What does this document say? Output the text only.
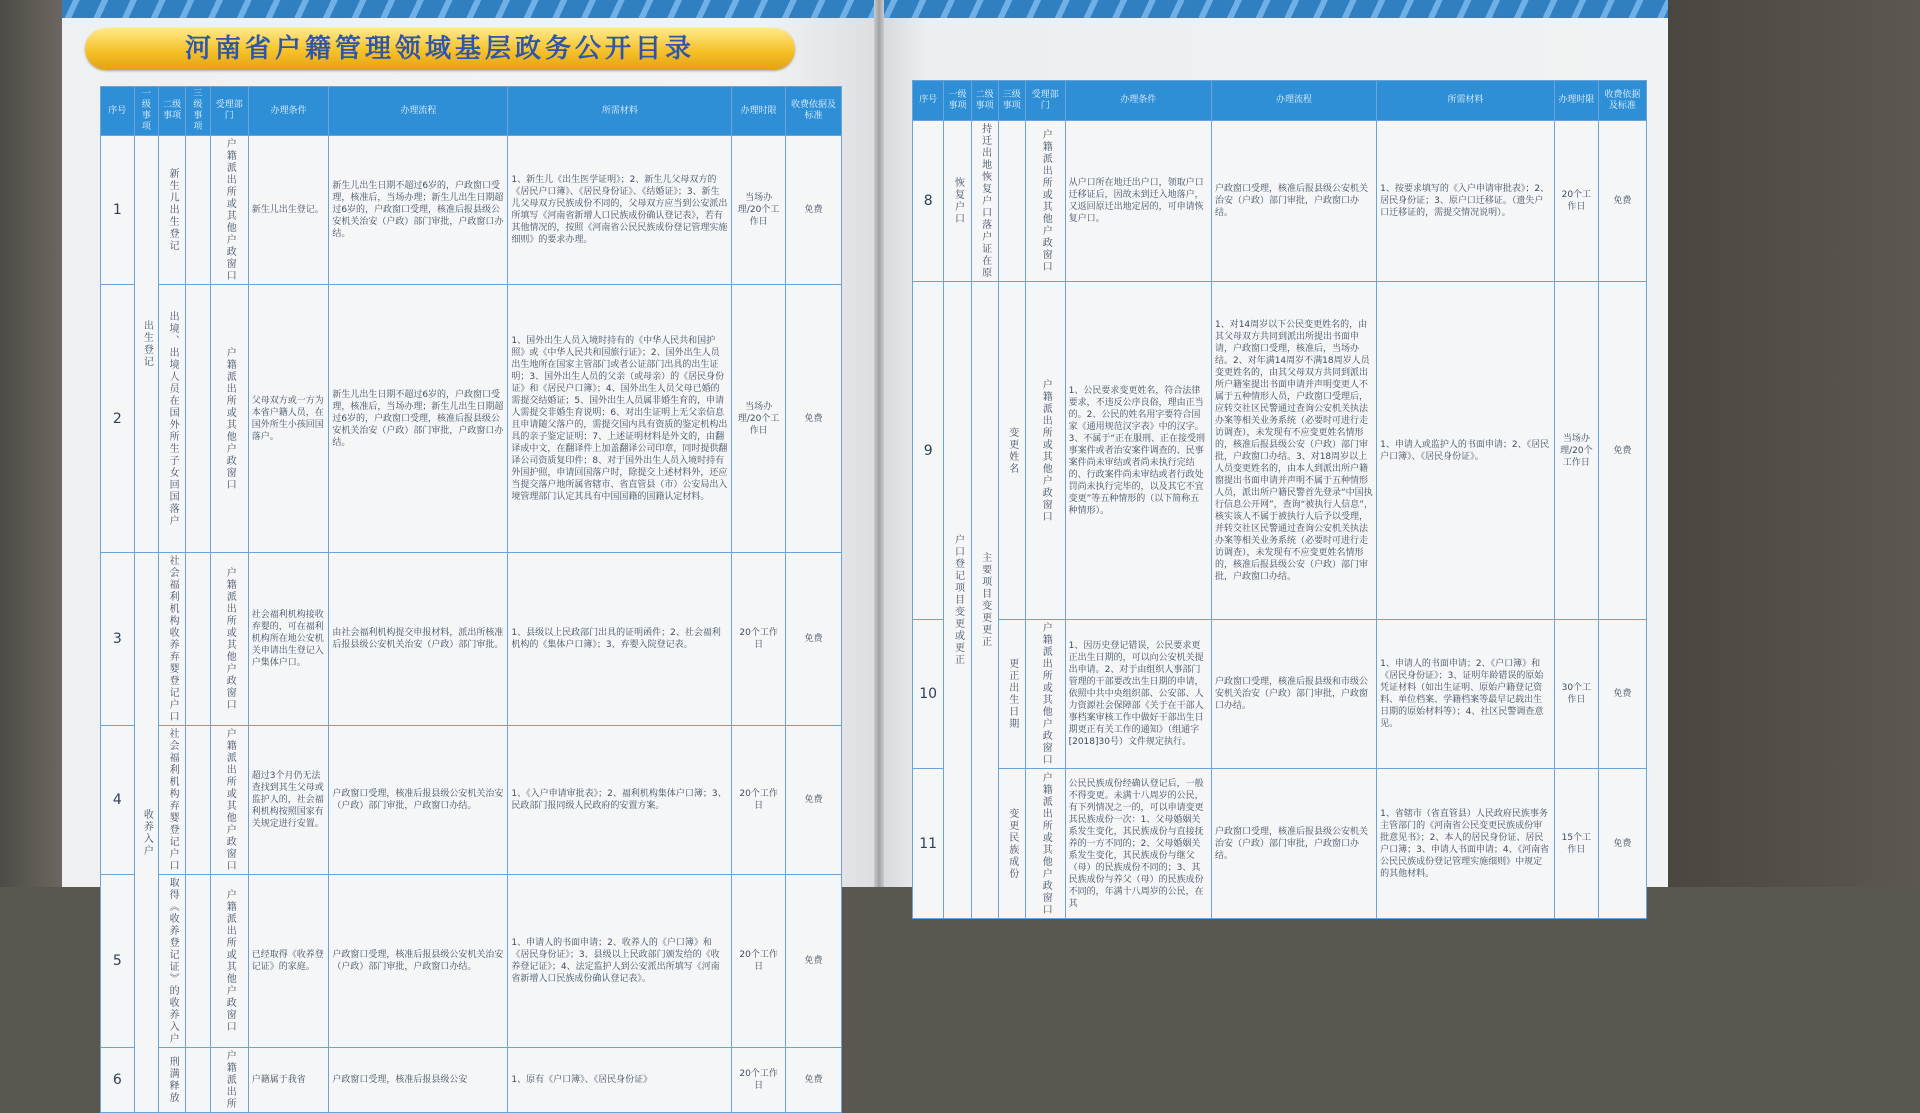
河南省户籍管理领域基层政务公开目录
序号	一级事项	二级事项	三级事项	受理部门	办理条件	办理流程	所需材料	办理时限	收费依据及标准
1	出生登记	新生儿出生登记		户籍派出所或其他户政窗口	新生儿出生登记。	新生儿出生日期不超过6岁的，户政窗口受理，核准后，当场办理；新生儿出生日期超过6岁的，户政窗口受理，核准后报县级公安机关治安（户政）部门审批，户政窗口办结。	1、新生儿《出生医学证明》；2、新生儿父母双方的《居民户口簿》、《居民身份证》、《结婚证》；3、新生儿父母双方民族成份不同的，父母双方应当到公安派出所填写《河南省新增人口民族成份确认登记表》，若有其他情况的，按照《河南省公民民族成份登记管理实施细则》的要求办理。	当场办理/20个工作日	免费
2		出境、出境人员在国外所生子女回国落户		户籍派出所或其他户政窗口	父母双方或一方为本省户籍人员，在国外所生小孩回国落户。	新生儿出生日期不超过6岁的，户政窗口受理，核准后，当场办理；新生儿出生日期超过6岁的，户政窗口受理，核准后报县级公安机关治安（户政）部门审批，户政窗口办结。	1、国外出生人员入境时持有的《中华人民共和国护照》或《中华人民共和国旅行证》；2、国外出生人员出生地所在国家主管部门或者公证部门出具的出生证明；3、国外出生人员的父亲（或母亲）的《居民身份证》和《居民户口簿》；4、国外出生人员父母已婚的需提交结婚证；5、国外出生人员属非婚生育的，申请人需提交非婚生育说明；6、对出生证明上无父亲信息且申请随父落户的，需提交国内具有资质的鉴定机构出具的亲子鉴定证明；7、上述证明材料是外文的，由翻译成中文，在翻译件上加盖翻译公司印章，同时提供翻译公司资质复印件；8、对于国外出生人员入境时持有外国护照，申请回国落户时，除提交上述材料外，还应当提交落户地所属省辖市、省直管县（市）公安局出入境管理部门认定其具有中国国籍的国籍认定材料。	当场办理/20个工作日	免费
3	收养入户	社会福利机构收养弃婴登记户口		户籍派出所或其他户政窗口	社会福利机构接收弃婴的，可在福利机构所在地公安机关申请出生登记入户集体户口。	由社会福利机构提交申报材料，派出所核准后报县级公安机关治安（户政）部门审批。	1、县级以上民政部门出具的证明函件；2、社会福利机构的《集体户口簿》；3、弃婴入院登记表。	20个工作日	免费
4		社会福利机构弃婴登记户口		户籍派出所或其他户政窗口	超过3个月仍无法查找到其生父母或监护人的，社会福利机构按照国家有关规定进行安置。	户政窗口受理，核准后报县级公安机关治安（户政）部门审批，户政窗口办结。	1、《入户申请审批表》；2、福利机构集体户口簿；3、民政部门报同级人民政府的安置方案。	20个工作日	免费
5		取得《收养登记证》的收养入户		户籍派出所或其他户政窗口	已经取得《收养登记证》的家庭。	户政窗口受理，核准后报县级公安机关治安（户政）部门审批，户政窗口办结。	1、申请人的书面申请；2、收养人的《户口簿》和《居民身份证》；3、县级以上民政部门颁发给的《收养登记证》；4、法定监护人到公安派出所填写《河南省新增人口民族成份确认登记表》。	20个工作日	免费
6		刑满释放		户籍派出所	户籍属于我省	户政窗口受理，核准后报县级公安	1、原有《户口簿》、《居民身份证》	20个工作日	免费
序号	一级事项	二级事项	三级事项	受理部门	办理条件	办理流程	所需材料	办理时限	收费依据及标准
8	恢复户口	持迁出地恢复户口落户证在原		户籍派出所或其他户政窗口	从户口所在地迁出户口，领取户口迁移证后，因故未到迁入地落户，又返回原迁出地定居的，可申请恢复户口。	户政窗口受理，核准后报县级公安机关治安（户政）部门审批，户政窗口办结。	1、按要求填写的《入户申请审批表》；2、居民身份证；3、原户口迁移证。（遗失户口迁移证的，需提交情况说明）。	20个工作日	免费
9	户口登记项目变更或更正	主要项目变更更正	变更姓名	户籍派出所或其他户政窗口	1、公民要求变更姓名，符合法律要求，不违反公序良俗，理由正当的。2、公民的姓名用字要符合国家《通用规范汉字表》中的汉字。3、不属于“正在服刑、正在接受刑事案件或者治安案件调查的、民事案件尚未审结或者尚未执行完结的、行政案件尚未审结或者行政处罚尚未执行完毕的，以及其它不宜变更”等五种情形的（以下简称五种情形）。	1、对14周岁以下公民变更姓名的，由其父母双方共同到派出所提出书面申请，户政窗口受理，核准后，当场办结。2、对年满14周岁不满18周岁人员变更姓名的，由其父母双方共同到派出所户籍室提出书面申请并声明变更人不属于五种情形人员，户政窗口受理后，应转交社区民警通过查询公安机关执法办案等相关业务系统（必要时可进行走访调查），未发现有不应变更姓名情形的，核准后报县级公安（户政）部门审批，户政窗口办结。3、对18周岁以上人员变更姓名的，由本人到派出所户籍窗提出书面申请并声明不属于五种情形人员，派出所户籍民警首先登录“中国执行信息公开网”，查询“被执行人信息”，核实该人不属于被执行人后予以受理，并转交社区民警通过查询公安机关执法办案等相关业务系统（必要时可进行走访调查），未发现有不应变更姓名情形的，核准后报县级公安（户政）部门审批，户政窗口办结。	1、申请人或监护人的书面申请；2、《居民户口簿》、《居民身份证》。	当场办理/20个工作日	免费
10			更正出生日期	户籍派出所或其他户政窗口	1、因历史登记错误，公民要求更正出生日期的，可以向公安机关提出申请。2、对于由组织人事部门管理的干部要改出生日期的申请，依照中共中央组织部、公安部、人力资源社会保障部《关于在干部人事档案审核工作中做好干部出生日期更正有关工作的通知》（组通字[2018]30号）文件规定执行。	户政窗口受理，核准后报县级和市级公安机关治安（户政）部门审批，户政窗口办结。	1、申请人的书面申请；2、《户口簿》和《居民身份证》；3、证明年龄错误的原始凭证材料（如出生证明、原始户籍登记资料、单位档案、学籍档案等最早记载出生日期的原始材料等）；4、社区民警调查意见。	30个工作日	免费
11			变更民族成份	户籍派出所或其他户政窗口	公民民族成份经确认登记后，一般不得变更。未满十八周岁的公民，有下列情况之一的，可以申请变更其民族成份一次：1、父母婚姻关系发生变化，其民族成份与直接抚养的一方不同的；2、父母婚姻关系发生变化，其民族成份与继父（母）的民族成份不同的；3、其民族成份与养父（母）的民族成份不同的，年满十八周岁的公民，在其	户政窗口受理，核准后报县级公安机关治安（户政）部门审批，户政窗口办结。	1、省辖市（省直管县）人民政府民族事务主管部门的《河南省公民变更民族成份审批意见书》；2、本人的居民身份证、居民户口簿；3、申请人书面申请；4、《河南省公民民族成份登记管理实施细则》中规定的其他材料。	15个工作日	免费
